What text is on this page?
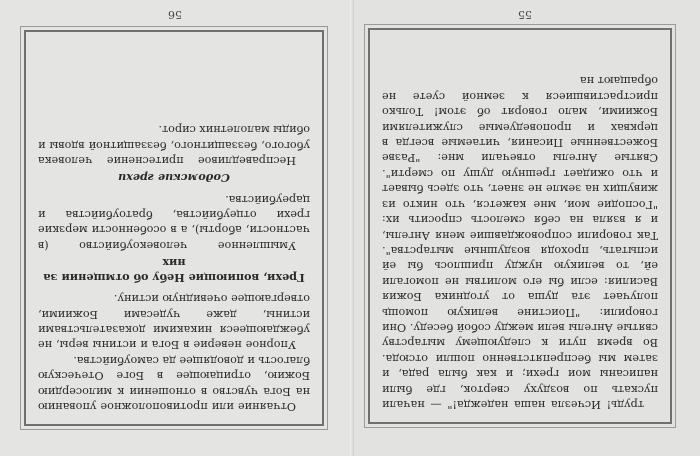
трудь! Исчезла наша надежда!" — начали пускать по воздуху сверток, где были написаны мои грехи; и как была рада, и затем мы беспрепятственно пошли отсюда. Во время пути к следующему мытарству святые Ангелы вели между собой беседу. Они говорили: "Поистине великую помощь получает эта душа от угодника Божия Василия: если бы его молитвы не помогали ей, то великую нужду пришлось бы ей испытать, проходя воздушные мытарства". Так говорили сопровождавшие меня Ангелы, и я взяла на себя смелость спросить их: "Господие мои, мне кажется, что никто из живущих на земле не знает, что здесь бывает и что ожидает грешную душу по смерти". Святые Ангелы отвечали мне: "Разве Божественные Писания, читаемые всегда в церквах и проповедуемые служителями Божиими, мало говорят об этом! Только пристрастившиеся к земной суете не обращают на

55

Отчаяние или противоположное упованию на Бога чувство в отношении к милосердию Божию, отрицающее в Боге Отеческую благость и доводящее да самоубийства.

Упорное неверие в Бога и истины веры, не убеждающееся никакими доказательствами истины, даже чудесами Божиими, отвергающее очевидную истину.

Грехи, вопиющие Небу об отмщении за них

Умышленное человекоубийство (в частности, аборты), а в особенности мерзкие грехи отцеубийства, братоубийства и цареубийства.

Содомские грехи

Несправедливое притеснение человека убогого, беззащитного, беззащитной вдовы и обиды малолетних сирот.

56
